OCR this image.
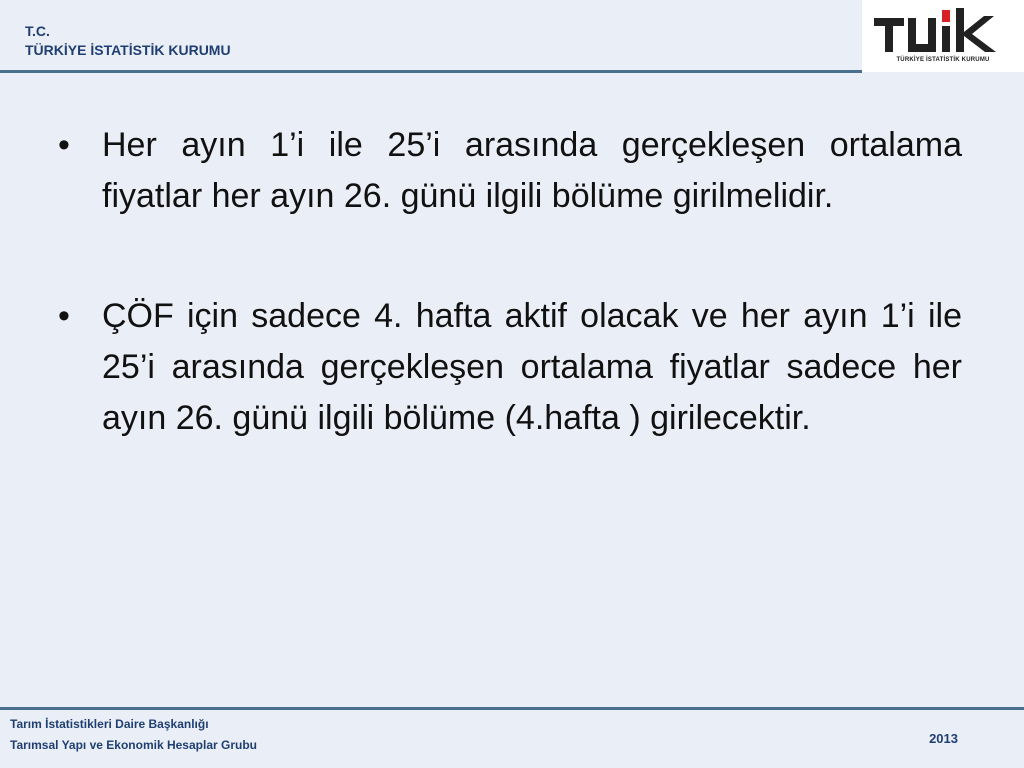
T.C.
TÜRKİYE İSTATİSTİK KURUMU
TÜRKİYE İSTATİSTİK KURUMU
• Her ayın 1’i ile 25’i arasında gerçekleşen ortalama fiyatlar her ayın 26. günü ilgili bölüme girilmelidir.
• ÇÖF için sadece 4. hafta aktif olacak ve her ayın 1’i ile 25’i arasında gerçekleşen ortalama fiyatlar sadece her ayın 26. günü ilgili bölüme (4.hafta ) girilecektir.
Tarım İstatistikleri Daire Başkanlığı
Tarımsal Yapı ve Ekonomik Hesaplar Grubu	2013
